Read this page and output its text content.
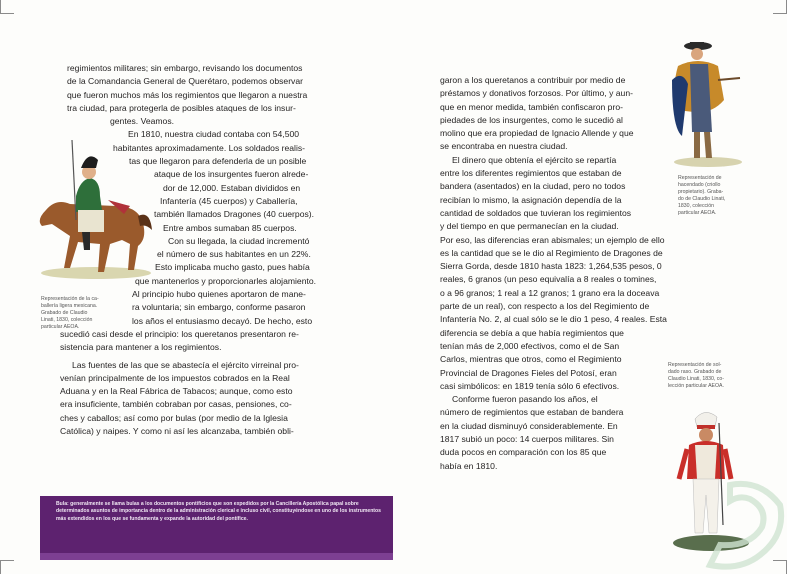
regimientos militares; sin embargo, revisando los documentos
de la Comandancia General de Querétaro, podemos observar
que fueron muchos más los regimientos que llegaron a nuestra
tra ciudad, para protegerla de posibles ataques de los insur-
gentes. Veamos.

En 1810, nuestra ciudad contaba con 54,500
habitantes aproximadamente. Los soldados realis-
tas que llegaron para defenderla de un posible
ataque de los insurgentes fueron alrede-
dor de 12,000. Estaban divididos en
Infantería (45 cuerpos) y Caballería,
también llamados Dragones (40 cuerpos).
Entre ambos sumaban 85 cuerpos.

Con su llegada, la ciudad incrementó
el número de sus habitantes en un 22%.
Esto implicaba mucho gasto, pues había
que mantenerlos y proporcionarles alojamiento.
Al principio hubo quienes aportaron de mane-
ra voluntaria; sin embargo, conforme pasaron
los años el entusiasmo decayó. De hecho, esto
sucedió casi desde el principio: los queretanos presentaron re-
sistencia para mantener a los regimientos.

Las fuentes de las que se abastecía el ejército virreinal pro-
venían principalmente de los impuestos cobrados en la Real
Aduana y en la Real Fábrica de Tabacos; aunque, como esto
era insuficiente, también cobraban por casas, pensiones, co-
ches y caballos; así como por bulas (por medio de la Iglesia
Católica) y naipes. Y como ni así les alcanzaba, también obli-

Representación de la ca-
ballería ligera mexicana.
Grabado de Claudio
Linati, 1830, colección
particular AEOA.

Bula: generalmente se llama bulas a los documentos pontificios que son expedidos por la Cancillería Apostólica papal sobre determinados asuntos de importancia dentro de la administración clerical e incluso civil, constituyéndose en uno de los instrumentos más extendidos en los que se fundamenta y expande la autoridad del pontífice.

garon a los queretanos a contribuir por medio de
préstamos y donativos forzosos. Por último, y aun-
que en menor medida, también confiscaron pro-
piedades de los insurgentes, como le sucedió al
molino que era propiedad de Ignacio Allende y que
se encontraba en nuestra ciudad.

El dinero que obtenía el ejército se repartía
entre los diferentes regimientos que estaban de
bandera (asentados) en la ciudad, pero no todos
recibían lo mismo, la asignación dependía de la
cantidad de soldados que tuvieran los regimientos
y del tiempo en que permanecían en la ciudad.
Por eso, las diferencias eran abismales; un ejemplo de ello
es la cantidad que se le dio al Regimiento de Dragones de
Sierra Gorda, desde 1810 hasta 1823: 1,264,535 pesos, 0
reales, 6 granos (un peso equivalía a 8 reales o tomines,
o a 96 granos; 1 real a 12 granos; 1 grano era la doceava
parte de un real), con respecto a los del Regimiento de
Infantería No. 2, al cual sólo se le dio 1 peso, 4 reales. Esta
diferencia se debía a que había regimientos que
tenían más de 2,000 efectivos, como el de San
Carlos, mientras que otros, como el Regimiento
Provincial de Dragones Fieles del Potosí, eran
casi simbólicos: en 1819 tenía sólo 6 efectivos.

Conforme fueron pasando los años, el
número de regimientos que estaban de bandera
en la ciudad disminuyó considerablemente. En
1817 subió un poco: 14 cuerpos militares. Sin
duda pocos en comparación con los 85 que
había en 1810.

Representación de
hacendado (criollo
propietario). Graba-
do de Claudio Linati,
1830, colección
particular AEOA.
Representación de sol-
dado raso. Grabado de
Claudio Linati, 1830, co-
lección particular AEOA.
